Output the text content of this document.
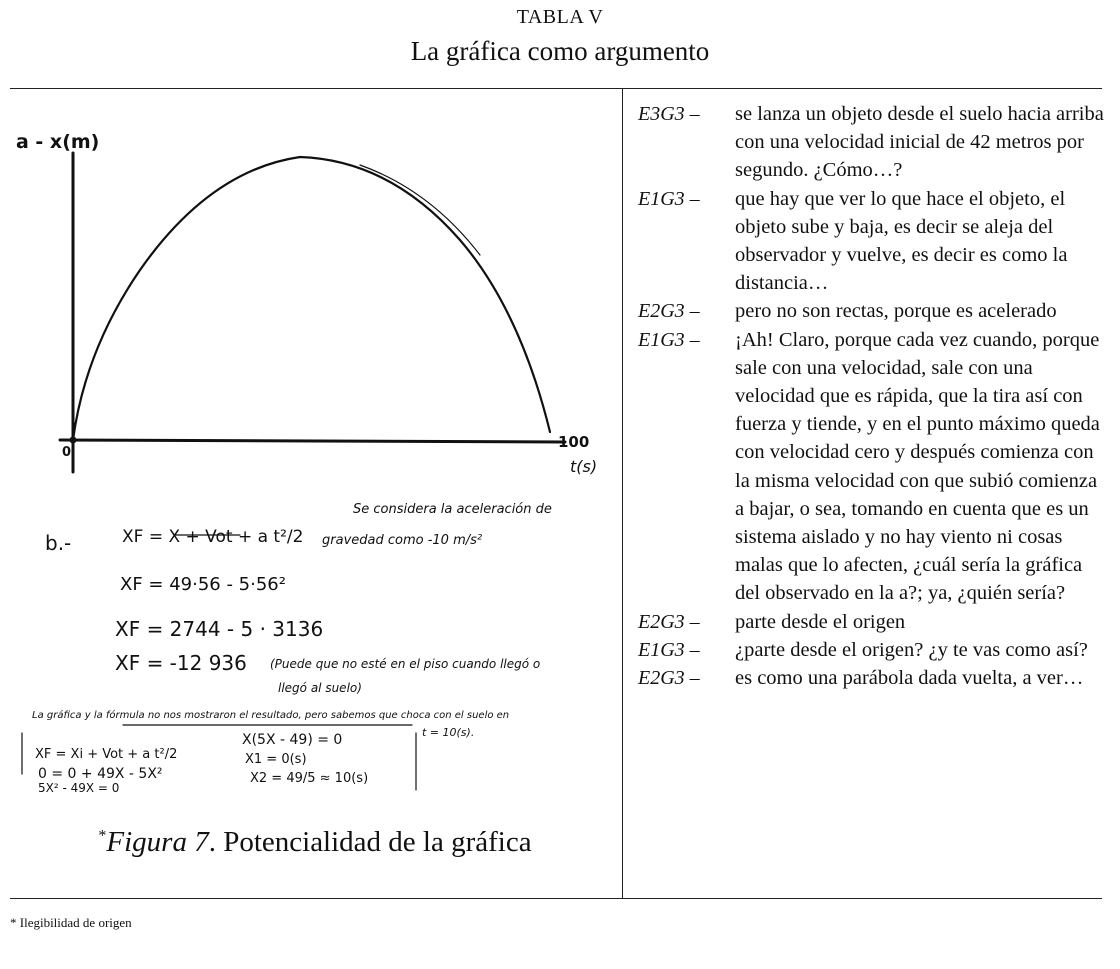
TABLA V
La gráfica como argumento
a - x(m)
0
100
t(s)
Se considera la aceleración de
gravedad como -10 m/s²
b.-	XF = X + Vot + a t²/2
XF = 49·56 - 5·56²
XF = 2744 - 5 · 3136
XF = -12 936 (Puede que no esté en el piso cuando llegó o
llegó al suelo)
La gráfica y la fórmula no nos mostraron el resultado, pero sabemos que choca con el suelo en
t = 10(s).
XF = Xi + Vot + a t²/2
0 = 0 + 49X - 5X²
5X² - 49X = 0
X(5X - 49) = 0
X1 = 0(s)
X2 = 49/5 ≈ 10(s)
*Figura 7. Potencialidad de la gráfica
E3G3 –	se lanza un objeto desde el suelo hacia arriba con una velocidad inicial de 42 metros por segundo. ¿Cómo…?
E1G3 –	que hay que ver lo que hace el objeto, el objeto sube y baja, es decir se aleja del observador y vuelve, es decir es como la distancia…
E2G3 –	pero no son rectas, porque es acelerado
E1G3 –	¡Ah! Claro, porque cada vez cuando, porque sale con una velocidad, sale con una velocidad que es rápida, que la tira así con fuerza y tiende, y en el punto máximo queda con velocidad cero y después comienza con la misma velocidad con que subió comienza a bajar, o sea, tomando en cuenta que es un sistema aislado y no hay viento ni cosas malas que lo afecten, ¿cuál sería la gráfica del observado en la a?; ya, ¿quién sería?
E2G3 –	parte desde el origen
E1G3 –	¿parte desde el origen? ¿y te vas como así?
E2G3 –	es como una parábola dada vuelta, a ver…
* Ilegibilidad de origen
